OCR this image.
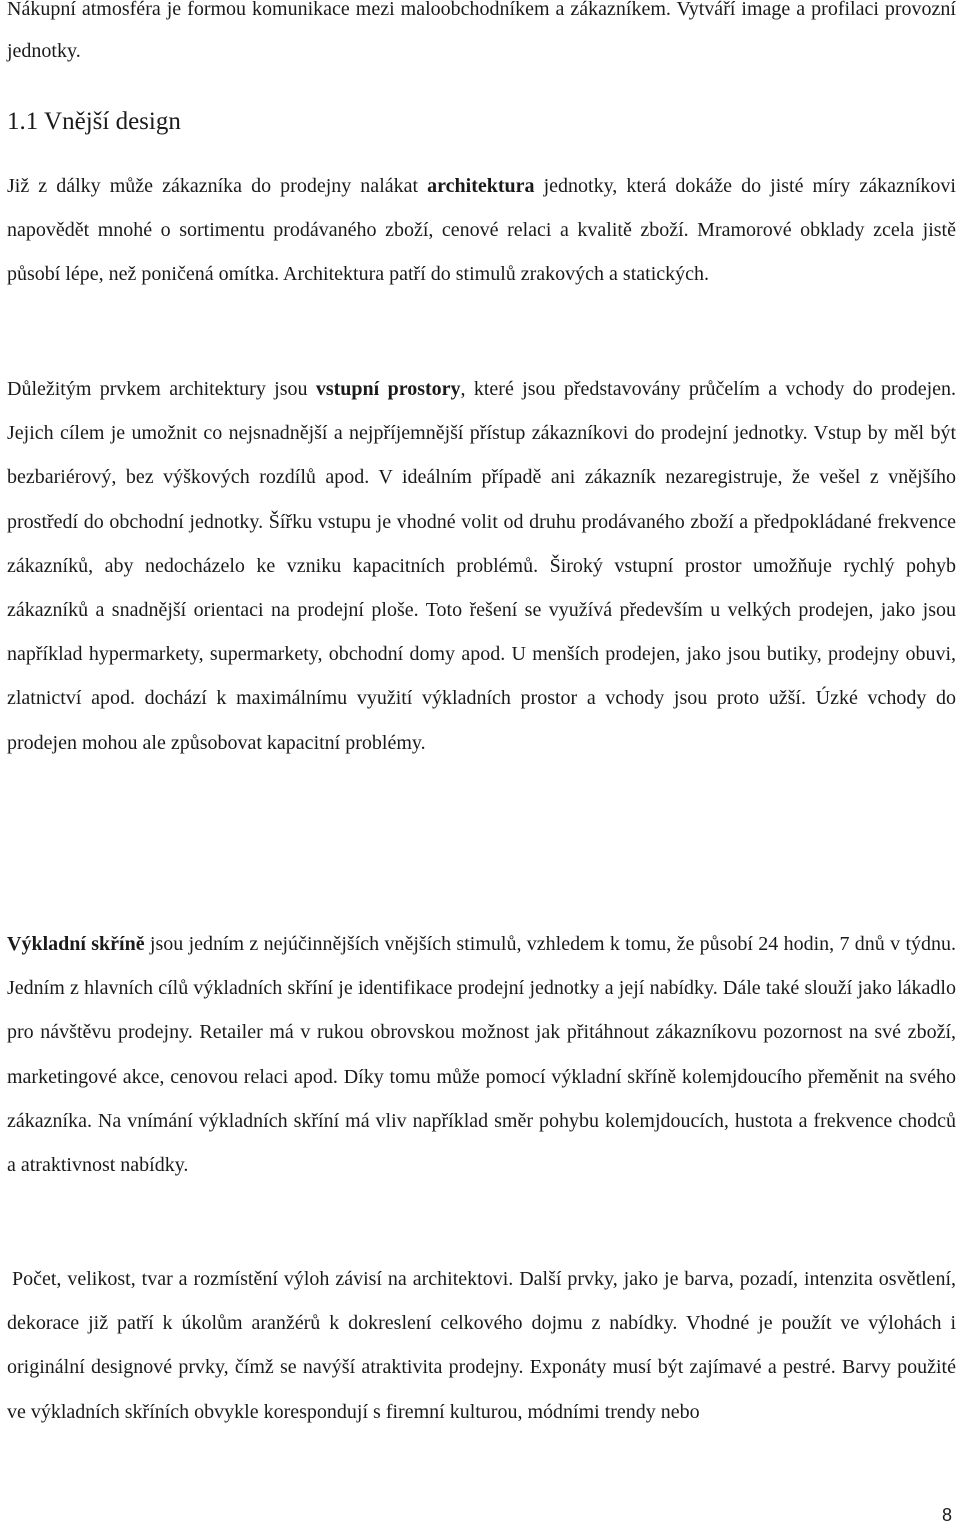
Nákupní atmosféra je formou komunikace mezi maloobchodníkem a zákazníkem. Vytváří image a profilaci provozní jednotky.

1.1 Vnější design

Již z dálky může zákazníka do prodejny nalákat architektura jednotky, která dokáže do jisté míry zákazníkovi napovědět mnohé o sortimentu prodávaného zboží, cenové relaci a kvalitě zboží. Mramorové obklady zcela jistě působí lépe, než poničená omítka. Architektura patří do stimulů zrakových a statických.

Důležitým prvkem architektury jsou vstupní prostory, které jsou představovány průčelím a vchody do prodejen. Jejich cílem je umožnit co nejsnadnější a nejpříjemnější přístup zákazníkovi do prodejní jednotky. Vstup by měl být bezbariérový, bez výškových rozdílů apod. V ideálním případě ani zákazník nezaregistruje, že vešel z vnějšího prostředí do obchodní jednotky. Šířku vstupu je vhodné volit od druhu prodávaného zboží a předpokládané frekvence zákazníků, aby nedocházelo ke vzniku kapacitních problémů. Široký vstupní prostor umožňuje rychlý pohyb zákazníků a snadnější orientaci na prodejní ploše. Toto řešení se využívá především u velkých prodejen, jako jsou například hypermarkety, supermarkety, obchodní domy apod. U menších prodejen, jako jsou butiky, prodejny obuvi, zlatnictví apod. dochází k maximálnímu využití výkladních prostor a vchody jsou proto užší. Úzké vchody do prodejen mohou ale způsobovat kapacitní problémy.

Výkladní skříně jsou jedním z nejúčinnějších vnějších stimulů, vzhledem k tomu, že působí 24 hodin, 7 dnů v týdnu. Jedním z hlavních cílů výkladních skříní je identifikace prodejní jednotky a její nabídky. Dále také slouží jako lákadlo pro návštěvu prodejny. Retailer má v rukou obrovskou možnost jak přitáhnout zákazníkovu pozornost na své zboží, marketingové akce, cenovou relaci apod. Díky tomu může pomocí výkladní skříně kolemjdoucího přeměnit na svého zákazníka. Na vnímání výkladních skříní má vliv například směr pohybu kolemjdoucích, hustota a frekvence chodců a atraktivnost nabídky.

Počet, velikost, tvar a rozmístění výloh závisí na architektovi. Další prvky, jako je barva, pozadí, intenzita osvětlení, dekorace již patří k úkolům aranžérů k dokreslení celkového dojmu z nabídky. Vhodné je použít ve výlohách i originální designové prvky, čímž se navýší atraktivita prodejny. Exponáty musí být zajímavé a pestré. Barvy použité ve výkladních skříních obvykle korespondují s firemní kulturou, módními trendy nebo

8
